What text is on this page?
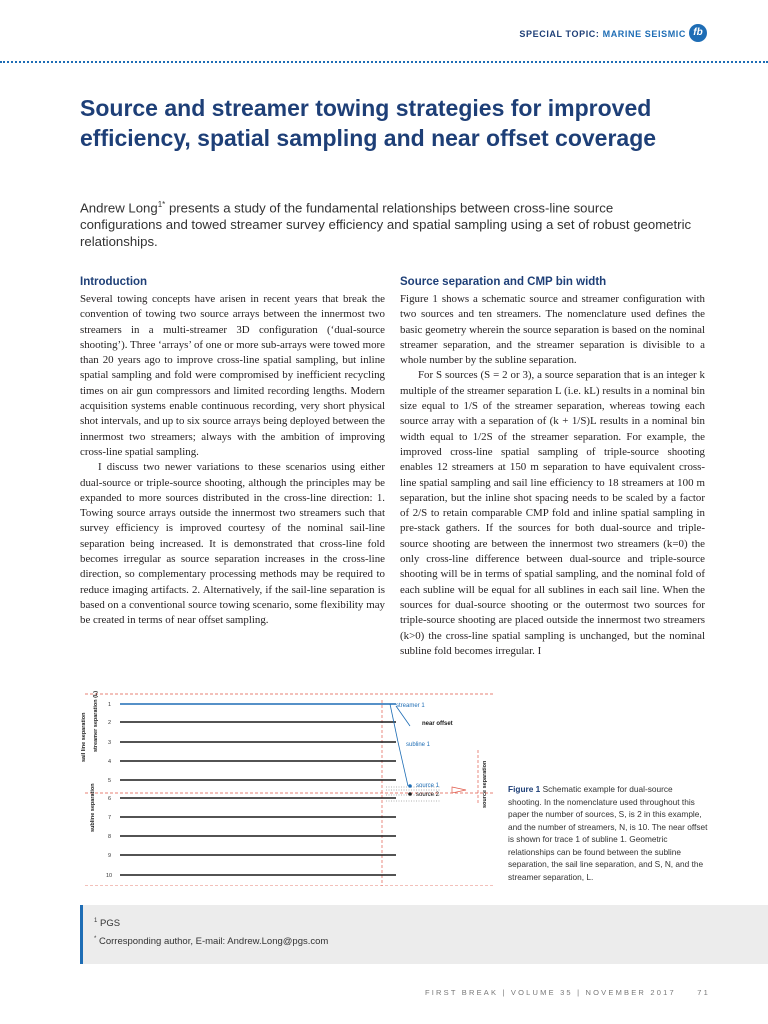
SPECIAL TOPIC: MARINE SEISMIC fb
Source and streamer towing strategies for improved efficiency, spatial sampling and near offset coverage

Andrew Long$^{1*}$ presents a study of the fundamental relationships between cross-line source configurations and towed streamer survey efficiency and spatial sampling using a set of robust geometric relationships.

Introduction

Several towing concepts have arisen in recent years that break the convention of towing two source arrays between the innermost two streamers in a multi-streamer 3D configuration (‘dual-source shooting’). Three ‘arrays’ of one or more sub-arrays were towed more than 20 years ago to improve cross-line spatial sampling, but inline spatial sampling and fold were compromised by inefficient recycling times on air gun compressors and limited recording lengths. Modern acquisition systems enable continuous recording, very short physical shot intervals, and up to six source arrays being deployed between the innermost two streamers; always with the ambition of improving cross-line spatial sampling.

I discuss two newer variations to these scenarios using either dual-source or triple-source shooting, although the principles may be expanded to more sources distributed in the cross-line direction: 1. Towing source arrays outside the innermost two streamers such that survey efficiency is improved courtesy of the nominal sail-line separation being increased. It is demonstrated that cross-line fold becomes irregular as source separation increases in the cross-line direction, so complementary processing methods may be required to reduce imaging artifacts. 2. Alternatively, if the sail-line separation is based on a conventional source towing scenario, some flexibility may be created in terms of near offset sampling.

Source separation and CMP bin width

Figure 1 shows a schematic source and streamer configuration with two sources and ten streamers. The nomenclature used defines the basic geometry wherein the source separation is based on the nominal streamer separation, and the streamer separation is divisible to a whole number by the subline separation.

For S sources (S = 2 or 3), a source separation that is an integer k multiple of the streamer separation L (i.e. kL) results in a nominal bin size equal to 1/S of the streamer separation, whereas towing each source array with a separation of (k + 1/S)L results in a nominal bin width equal to 1/2S of the streamer separation. For example, the improved cross-line spatial sampling of triple-source shooting enables 12 streamers at 150 m separation to have equivalent cross-line spatial sampling and sail line efficiency to 18 streamers at 100 m separation, but the inline shot spacing needs to be scaled by a factor of 2/S to retain comparable CMP fold and inline spatial sampling in pre-stack gathers. If the sources for both dual-source and triple-source shooting are between the innermost two streamers (k=0) the only cross-line difference between dual-source and triple-source shooting will be in terms of spatial sampling, and the nominal fold of each subline will be equal for all sublines in each sail line. When the sources for dual-source shooting or the outermost two sources for triple-source shooting are placed outside the innermost two streamers (k>0) the cross-line spatial sampling is unchanged, but the nominal subline fold becomes irregular. I

1
2
3
4
5
6
7
8
9
10
streamer 1
near offset
subline 1
source 1
source 2
sail line separation streamer separation (L)
subline separation	source separation Figure 1 Schematic example for dual-source shooting. In the nomenclature used throughout this paper the number of sources, S, is 2 in this example, and the number of streamers, N, is 10. The near offset is shown for trace 1 of subline 1. Geometric relationships can be found between the subline separation, the sail line separation, and S, N, and the streamer separation, L.

$^1$ PGS
* Corresponding author, E-mail: Andrew.Long@pgs.com
FIRST BREAK | VOLUME 35 | NOVEMBER 2017	71
